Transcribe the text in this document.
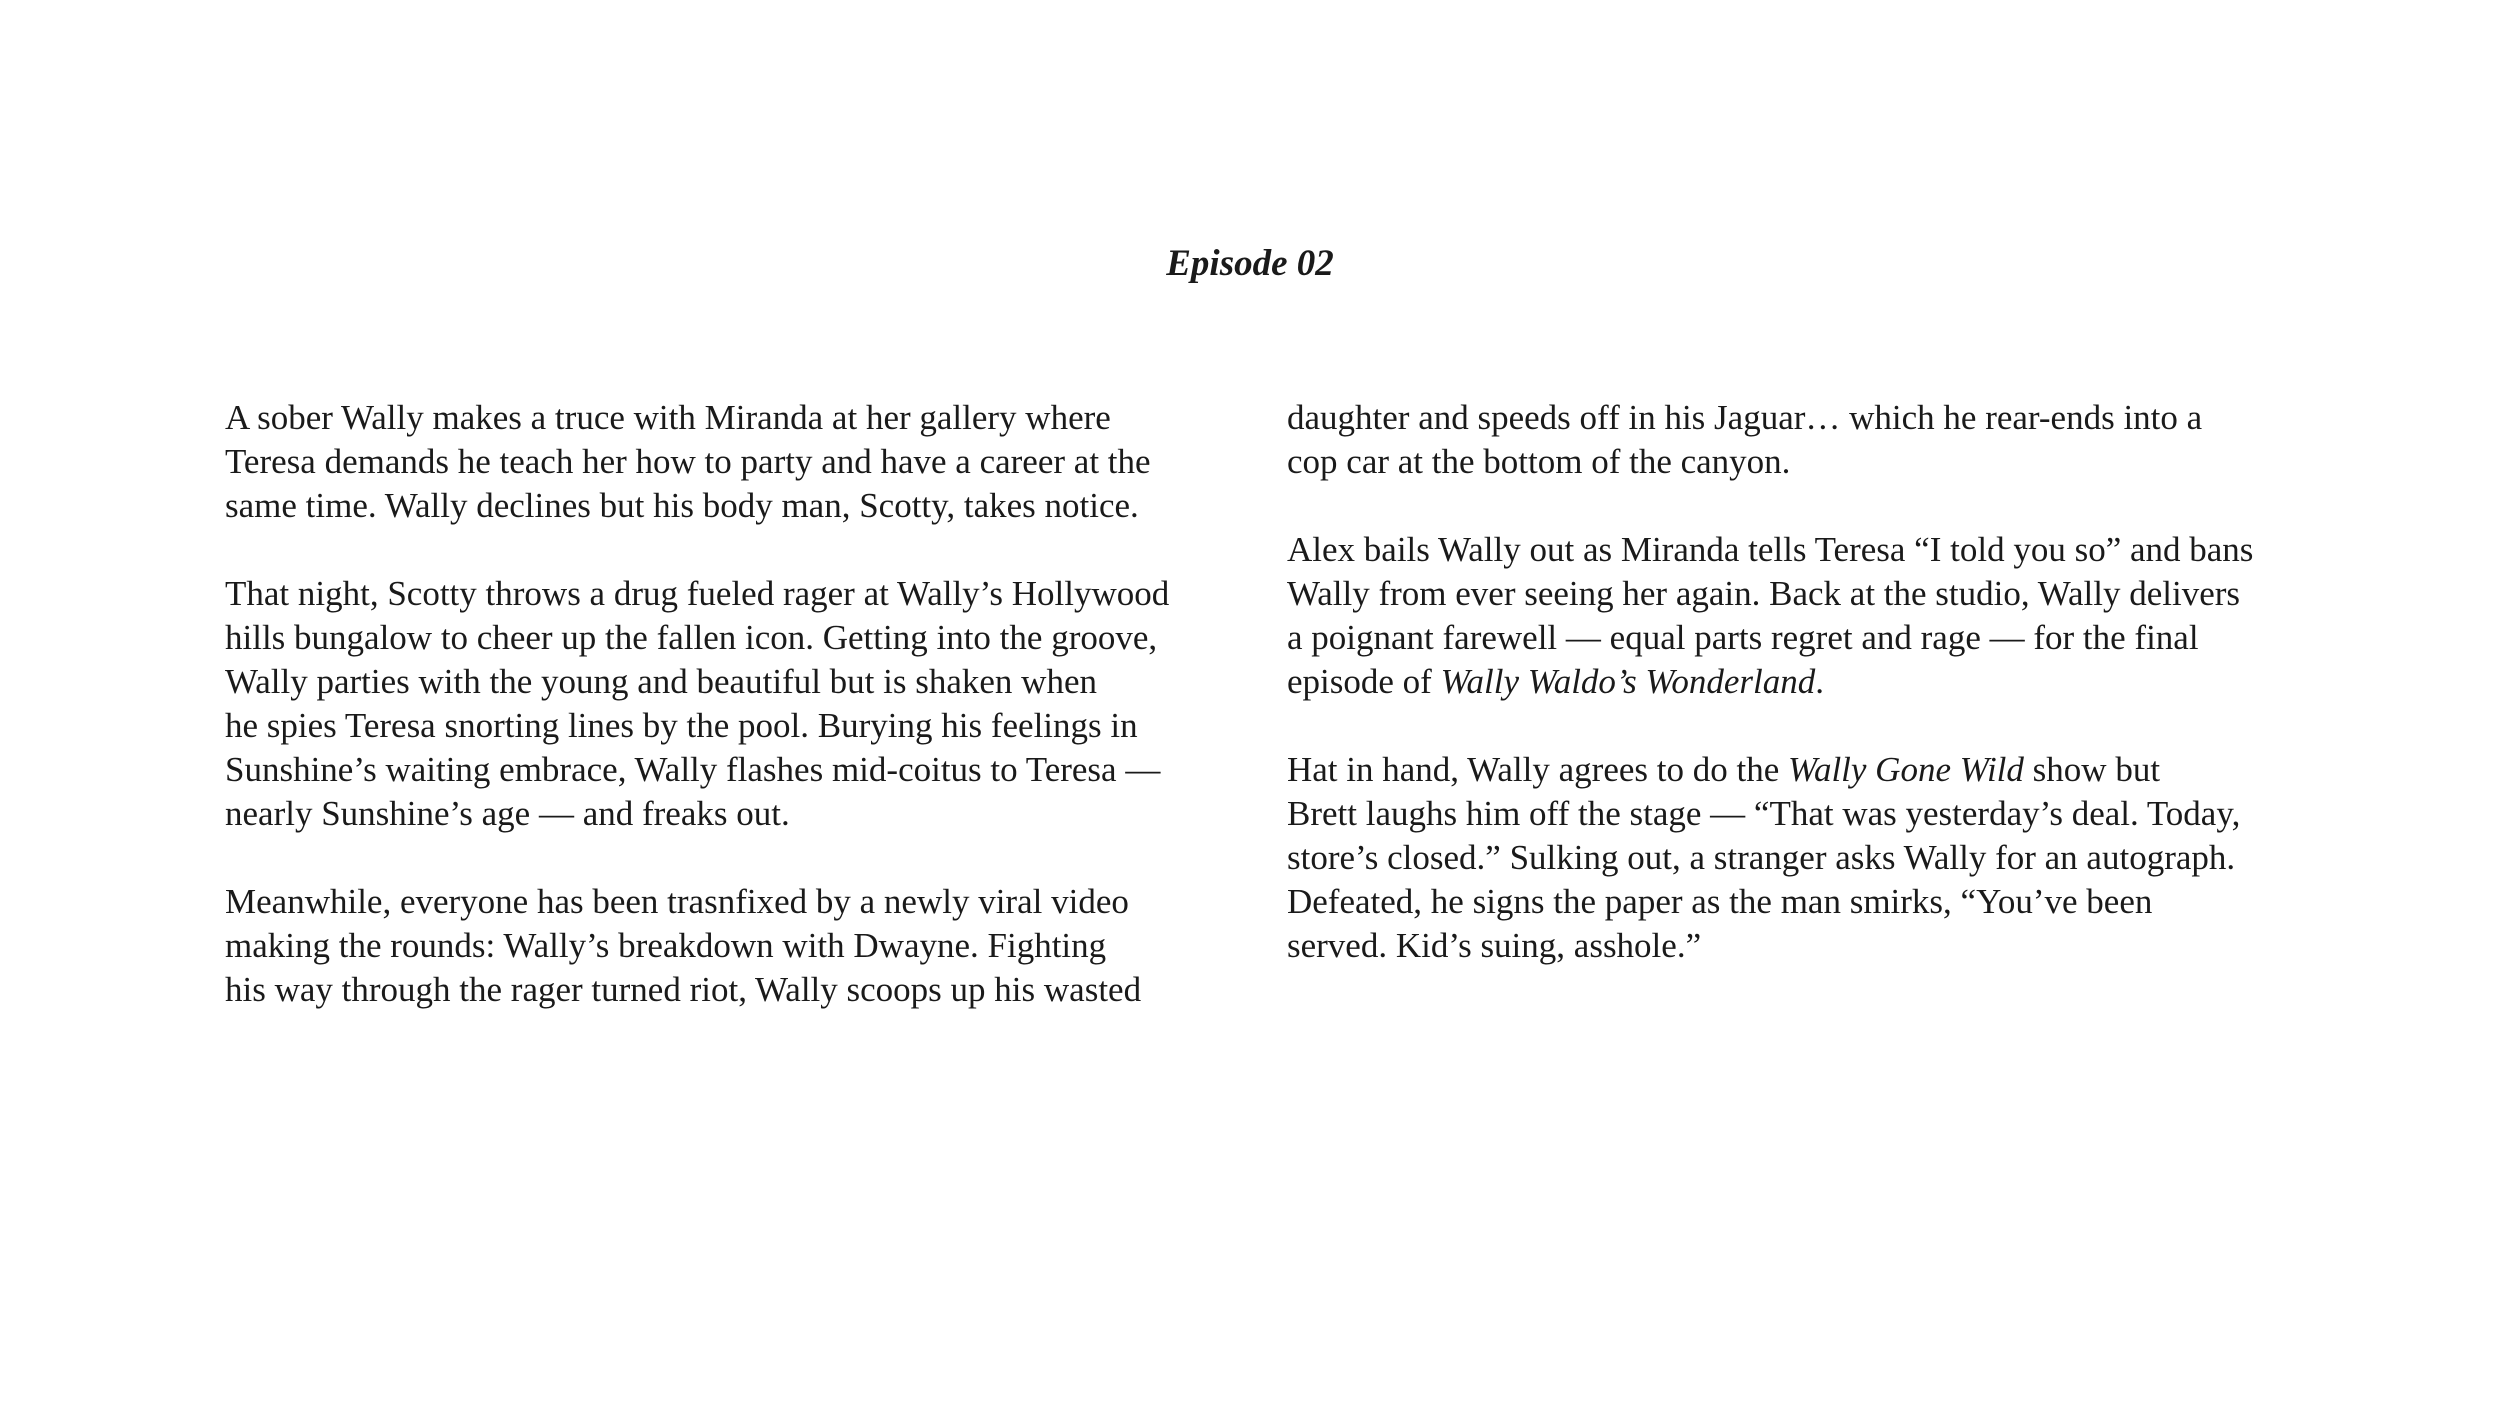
Episode 02
A sober Wally makes a truce with Miranda at her gallery where
Teresa demands he teach her how to party and have a career at the
same time. Wally declines but his body man, Scotty, takes notice.
That night, Scotty throws a drug fueled rager at Wally’s Hollywood
hills bungalow to cheer up the fallen icon. Getting into the groove,
Wally parties with the young and beautiful but is shaken when
he spies Teresa snorting lines by the pool. Burying his feelings in
Sunshine’s waiting embrace, Wally flashes mid-coitus to Teresa —
nearly Sunshine’s age — and freaks out.
Meanwhile, everyone has been trasnfixed by a newly viral video
making the rounds: Wally’s breakdown with Dwayne. Fighting
his way through the rager turned riot, Wally scoops up his wasted
daughter and speeds off in his Jaguar… which he rear-ends into a
cop car at the bottom of the canyon.
Alex bails Wally out as Miranda tells Teresa “I told you so” and bans
Wally from ever seeing her again. Back at the studio, Wally delivers
a poignant farewell — equal parts regret and rage — for the final
episode of Wally Waldo’s Wonderland.
Hat in hand, Wally agrees to do the Wally Gone Wild show but
Brett laughs him off the stage — “That was yesterday’s deal. Today,
store’s closed.” Sulking out, a stranger asks Wally for an autograph.
Defeated, he signs the paper as the man smirks, “You’ve been
served. Kid’s suing, asshole.”
